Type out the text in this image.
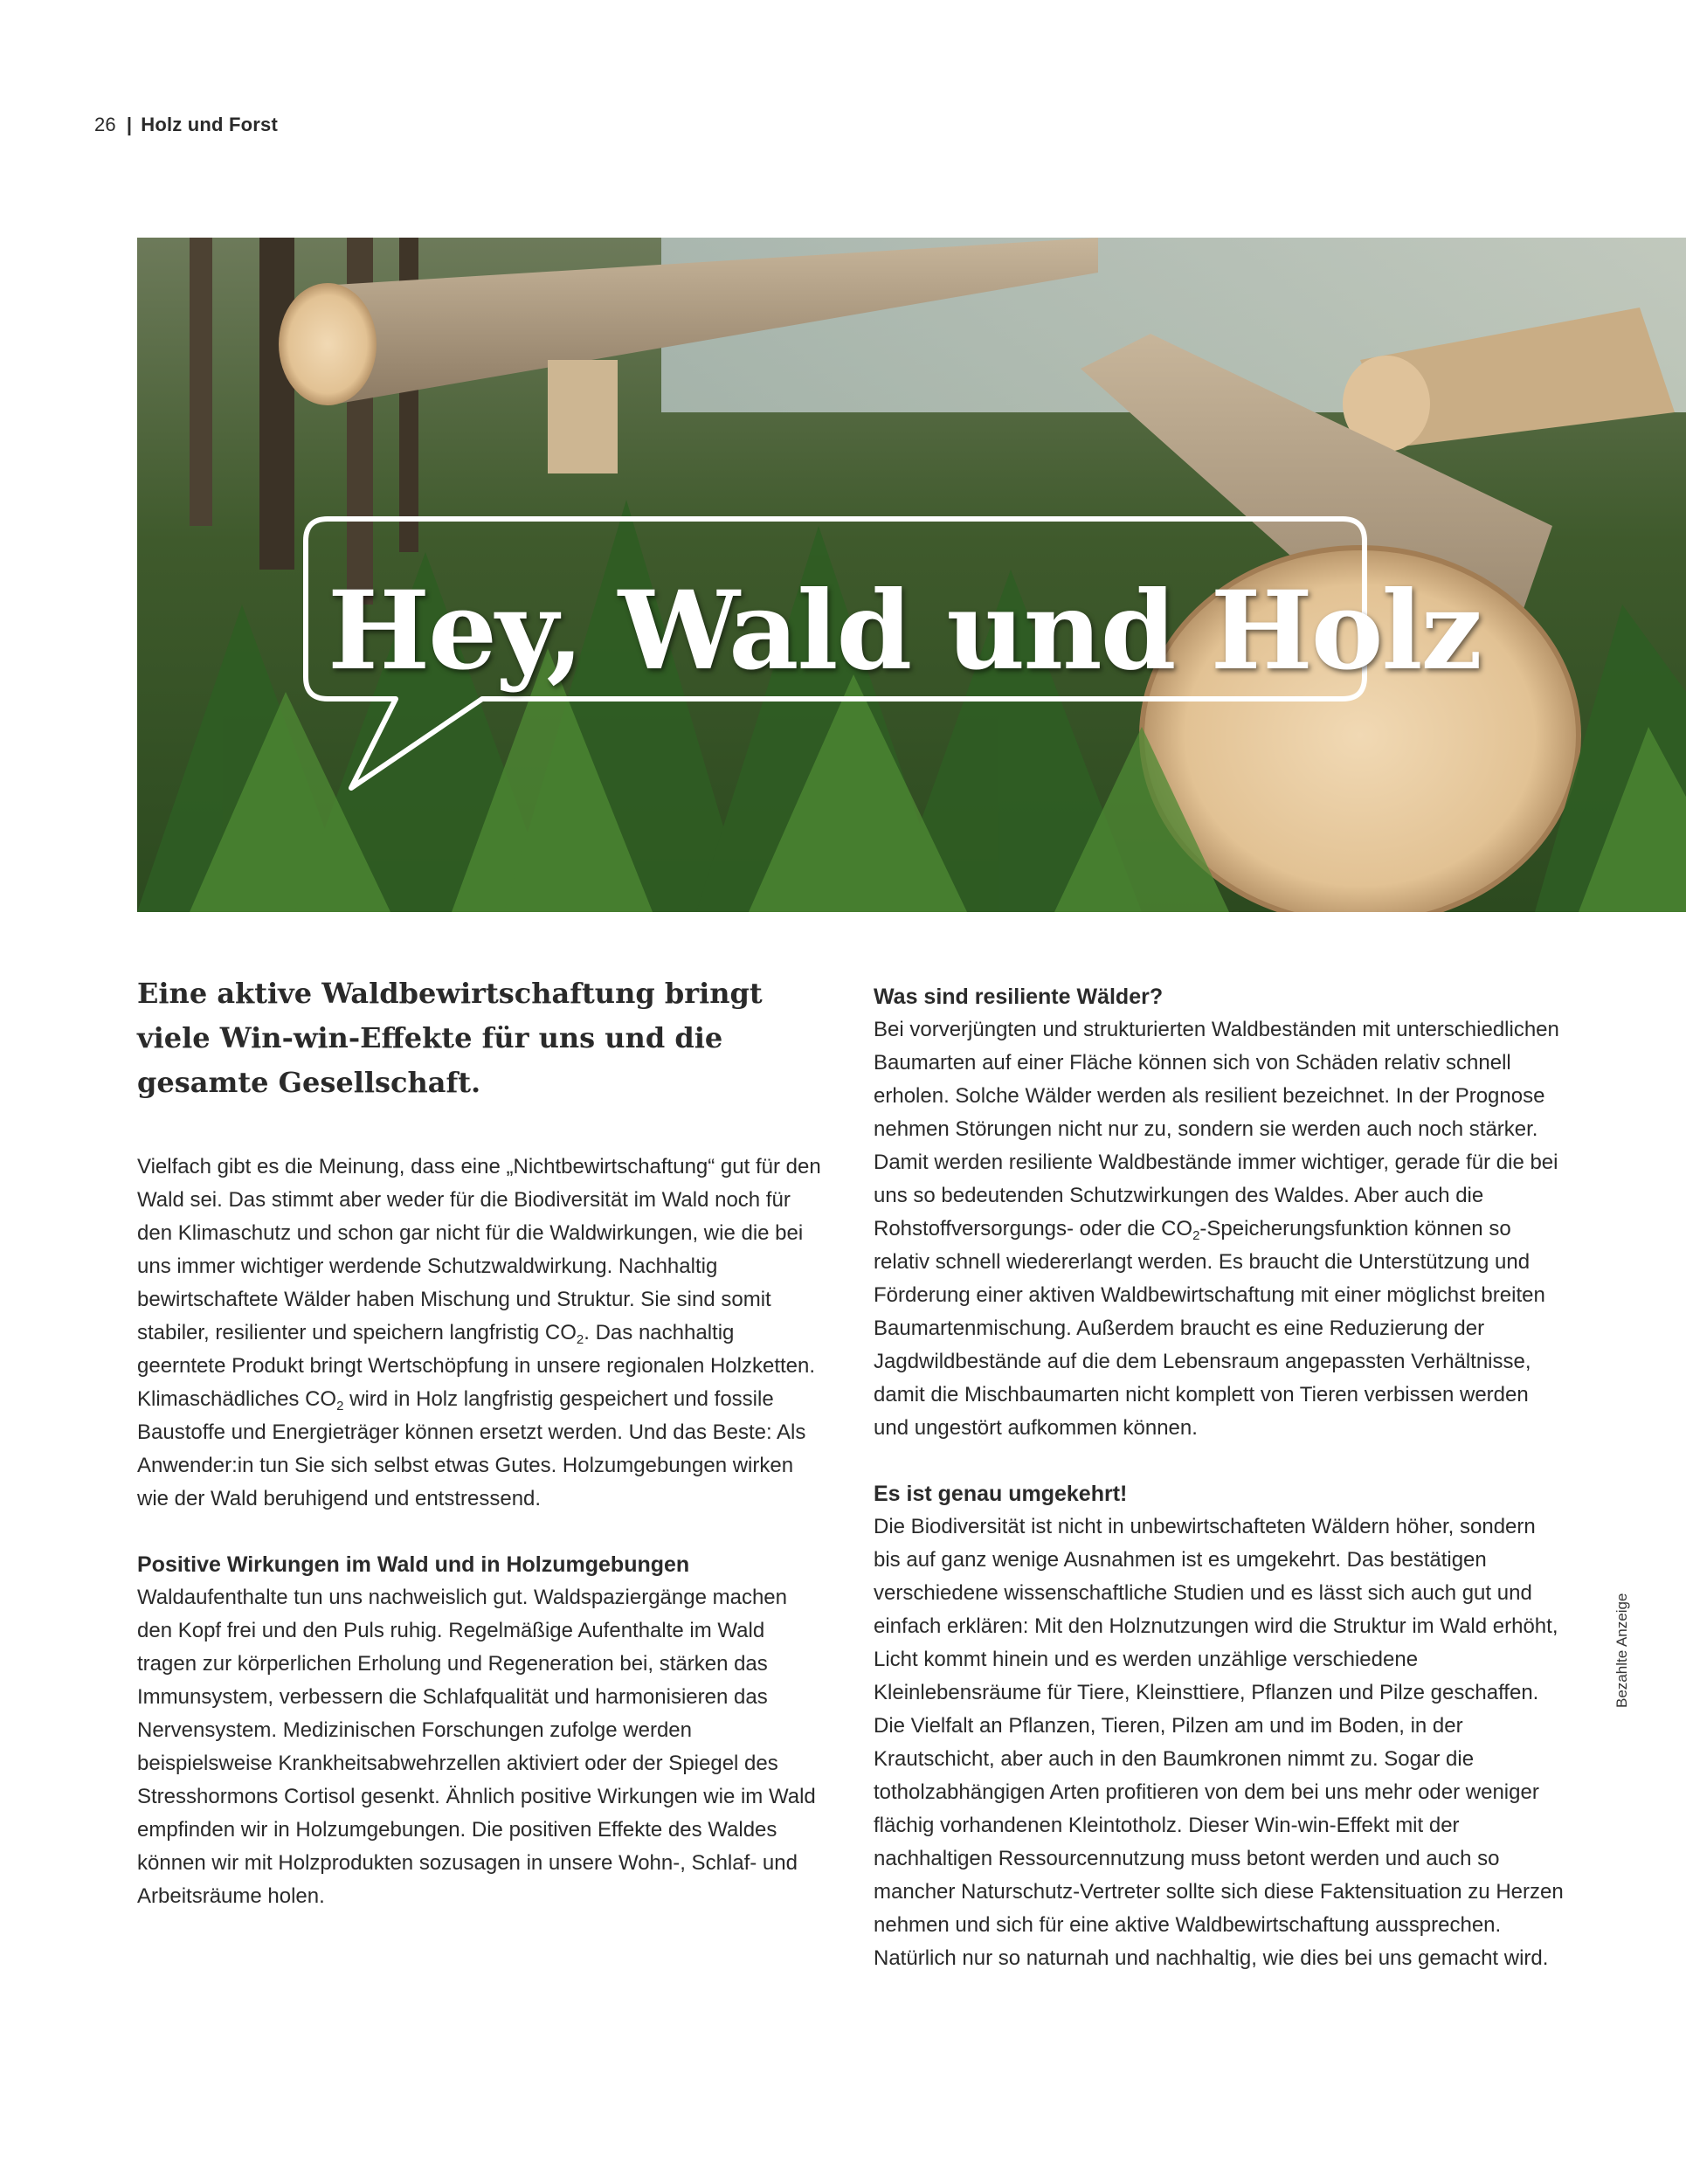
26 | Holz und Forst
Hey, Wald und Holz

Eine aktive Waldbewirtschaftung bringt viele Win-win-Effekte für uns und die gesamte Gesellschaft.

Vielfach gibt es die Meinung, dass eine „Nichtbewirtschaftung“ gut für den Wald sei. Das stimmt aber weder für die Biodiversität im Wald noch für den Klimaschutz und schon gar nicht für die Waldwirkungen, wie die bei uns immer wichtiger werdende Schutzwaldwirkung. Nachhaltig bewirtschaftete Wälder haben Mischung und Struktur. Sie sind somit stabiler, resilienter und speichern langfristig $CO_2$. Das nachhaltig geerntete Produkt bringt Wertschöpfung in unsere regionalen Holzketten. Klimaschädliches $CO_2$ wird in Holz langfristig gespeichert und fossile Baustoffe und Energieträger können ersetzt werden. Und das Beste: Als Anwender:in tun Sie sich selbst etwas Gutes. Holzumgebungen wirken wie der Wald beruhigend und entstressend.

Positive Wirkungen im Wald und in Holzumgebungen

Waldaufenthalte tun uns nachweislich gut. Waldspaziergänge machen den Kopf frei und den Puls ruhig. Regelmäßige Aufenthalte im Wald tragen zur körperlichen Erholung und Regeneration bei, stärken das Immunsystem, verbessern die Schlafqualität und harmonisieren das Nervensystem. Medizinischen Forschungen zufolge werden beispielsweise Krankheitsabwehrzellen aktiviert oder der Spiegel des Stresshormons Cortisol gesenkt. Ähnlich positive Wirkungen wie im Wald empfinden wir in Holzumgebungen. Die positiven Effekte des Waldes können wir mit Holzprodukten sozusagen in unsere Wohn-, Schlaf- und Arbeitsräume holen.

Was sind resiliente Wälder?

Bei vorverjüngten und strukturierten Waldbeständen mit unterschiedlichen Baumarten auf einer Fläche können sich von Schäden relativ schnell erholen. Solche Wälder werden als resilient bezeichnet. In der Prognose nehmen Störungen nicht nur zu, sondern sie werden auch noch stärker. Damit werden resiliente Waldbestände immer wichtiger, gerade für die bei uns so bedeutenden Schutzwirkungen des Waldes. Aber auch die Rohstoffversorgungs- oder die $CO_2$-Speicherungsfunktion können so relativ schnell wiedererlangt werden. Es braucht die Unterstützung und Förderung einer aktiven Waldbewirtschaftung mit einer möglichst breiten Baumartenmischung. Außerdem braucht es eine Reduzierung der Jagdwildbestände auf die dem Lebensraum angepassten Verhältnisse, damit die Mischbaumarten nicht komplett von Tieren verbissen werden und ungestört aufkommen können.

Es ist genau umgekehrt!

Die Biodiversität ist nicht in unbewirtschafteten Wäldern höher, sondern bis auf ganz wenige Ausnahmen ist es umgekehrt. Das bestätigen verschiedene wissenschaftliche Studien und es lässt sich auch gut und einfach erklären: Mit den Holznutzungen wird die Struktur im Wald erhöht, Licht kommt hinein und es werden unzählige verschiedene Kleinlebensräume für Tiere, Kleinsttiere, Pflanzen und Pilze geschaffen. Die Vielfalt an Pflanzen, Tieren, Pilzen am und im Boden, in der Krautschicht, aber auch in den Baumkronen nimmt zu. Sogar die totholzabhängigen Arten profitieren von dem bei uns mehr oder weniger flächig vorhandenen Kleintotholz. Dieser Win-win-Effekt mit der nachhaltigen Ressourcennutzung muss betont werden und auch so mancher Naturschutz-Vertreter sollte sich diese Faktensituation zu Herzen nehmen und sich für eine aktive Waldbewirtschaftung aussprechen. Natürlich nur so naturnah und nachhaltig, wie dies bei uns gemacht wird.

Bezahlte Anzeige
